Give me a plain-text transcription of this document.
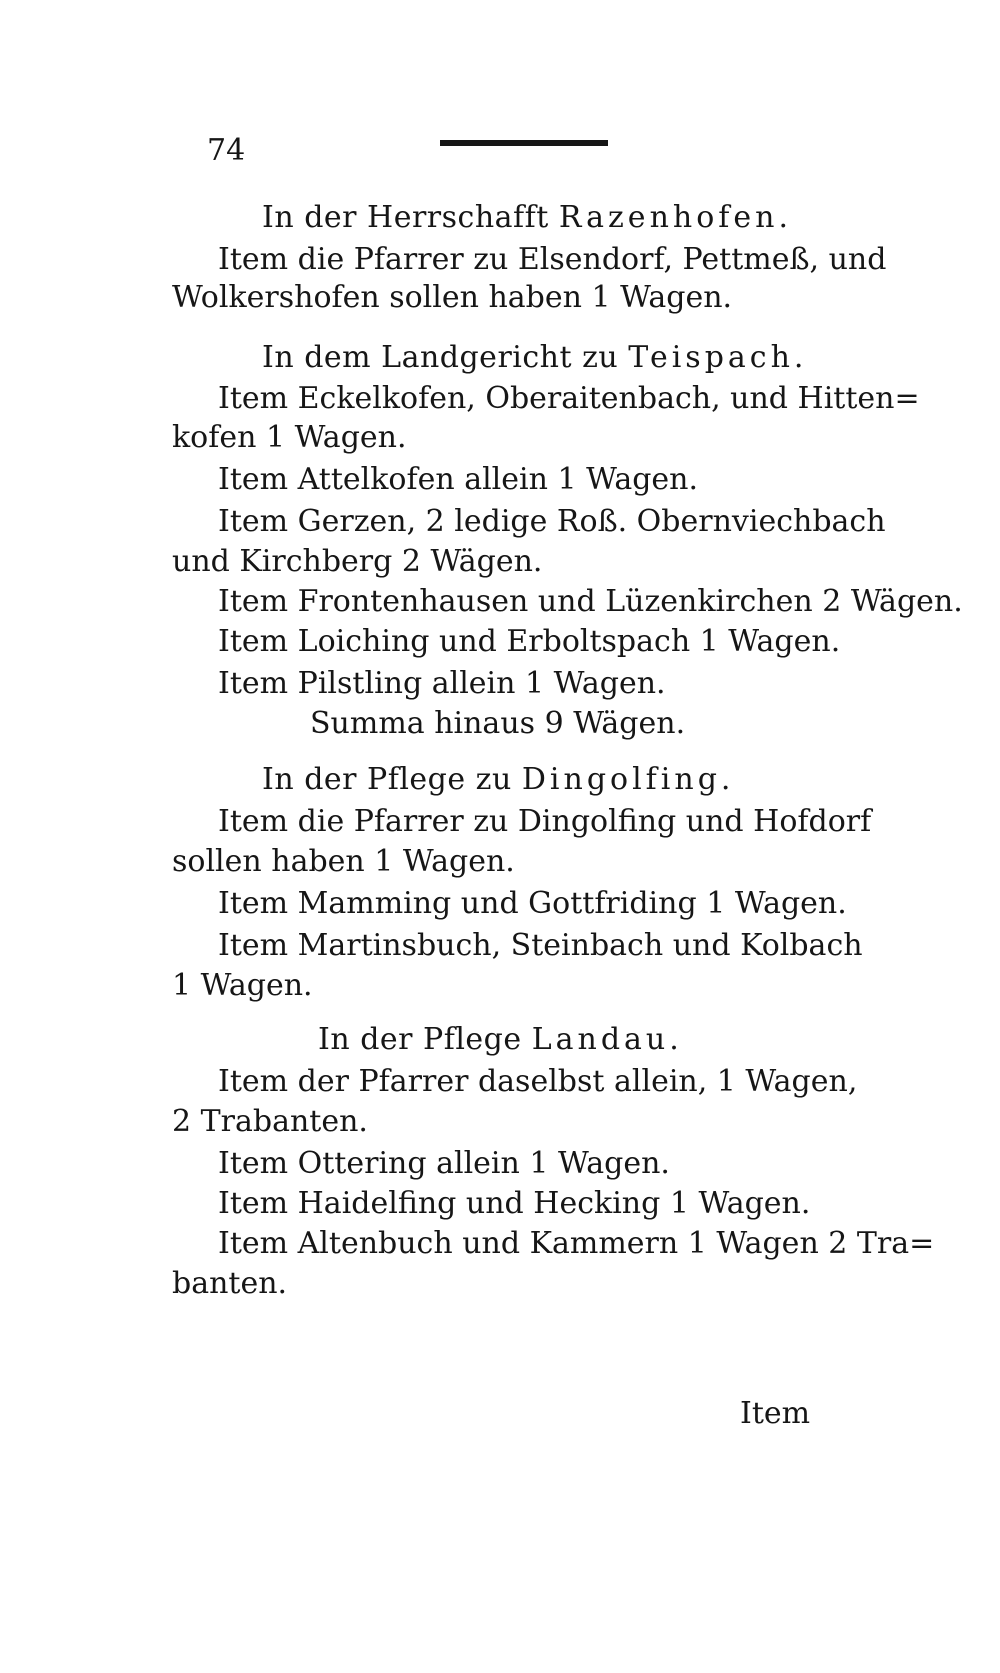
74
In der Herrschafft Razenhofen.
Item die Pfarrer zu Elsendorf, Pettmeß, und
Wolkershofen sollen haben 1 Wagen.
In dem Landgericht zu Teispach.
Item Eckelkofen, Oberaitenbach, und Hitten=
kofen 1 Wagen.
Item Attelkofen allein 1 Wagen.
Item Gerzen, 2 ledige Roß. Obernviechbach
und Kirchberg 2 Wägen.
Item Frontenhausen und Lüzenkirchen 2 Wägen.
Item Loiching und Erboltspach 1 Wagen.
Item Pilstling allein 1 Wagen.
Summa hinaus 9 Wägen.
In der Pflege zu Dingolfing.
Item die Pfarrer zu Dingolfing und Hofdorf
sollen haben 1 Wagen.
Item Mamming und Gottfriding 1 Wagen.
Item Martinsbuch, Steinbach und Kolbach
1 Wagen.
In der Pflege Landau.
Item der Pfarrer daselbst allein, 1 Wagen,
2 Trabanten.
Item Ottering allein 1 Wagen.
Item Haidelfing und Hecking 1 Wagen.
Item Altenbuch und Kammern 1 Wagen 2 Tra=
banten.
Item
